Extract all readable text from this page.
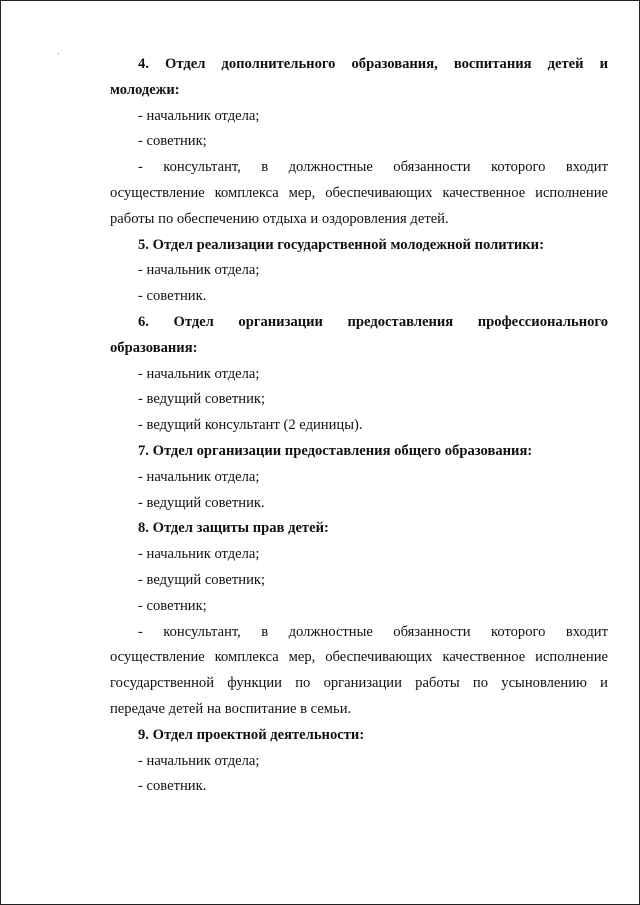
4. Отдел дополнительного образования, воспитания детей и
молодежи:
- начальник отдела;
- советник;
- консультант, в должностные обязанности которого входит
осуществление комплекса мер, обеспечивающих качественное исполнение
работы по обеспечению отдыха и оздоровления детей.
5. Отдел реализации государственной молодежной политики:
- начальник отдела;
- советник.
6. Отдел организации предоставления профессионального
образования:
- начальник отдела;
- ведущий советник;
- ведущий консультант (2 единицы).
7. Отдел организации предоставления общего образования:
- начальник отдела;
- ведущий советник.
8. Отдел защиты прав детей:
- начальник отдела;
- ведущий советник;
- советник;
- консультант, в должностные обязанности которого входит
осуществление комплекса мер, обеспечивающих качественное исполнение
государственной функции по организации работы по усыновлению и
передаче детей на воспитание в семьи.
9. Отдел проектной деятельности:
- начальник отдела;
- советник.
